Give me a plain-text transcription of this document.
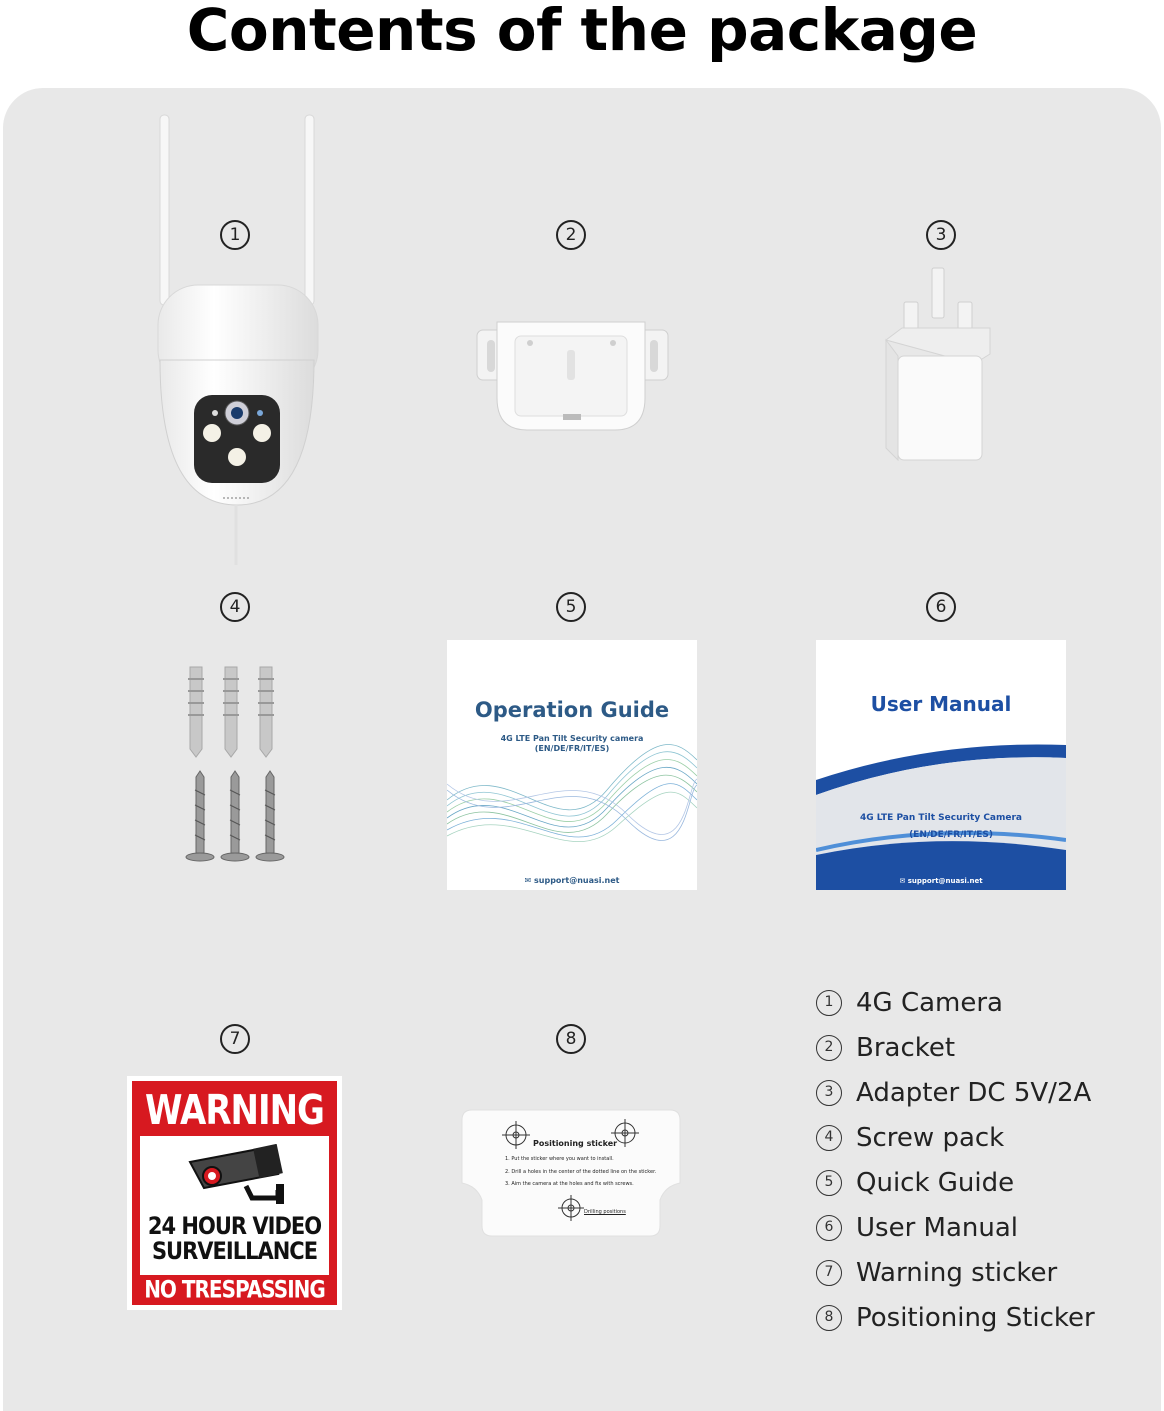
Contents of the package
1	2	3
4	5	6
7	8
Operation Guide
4G LTE Pan Tilt Security camera
(EN/DE/FR/IT/ES)
✉ support@nuasi.net
User Manual
4G LTE Pan Tilt Security Camera
(EN/DE/FR/IT/ES)
✉ support@nuasi.net
WARNING
24 HOUR VIDEO
SURVEILLANCE
NO TRESPASSING
Positioning sticker
1. Put the sticker where you want to install.
2. Drill a holes in the center of the dotted line on the sticker.
3. Aim the camera at the holes and fix with screws.
Drilling positions
1 4G Camera
2 Bracket
3 Adapter DC 5V/2A
4 Screw pack
5 Quick Guide
6 User Manual
7 Warning sticker
8 Positioning Sticker
